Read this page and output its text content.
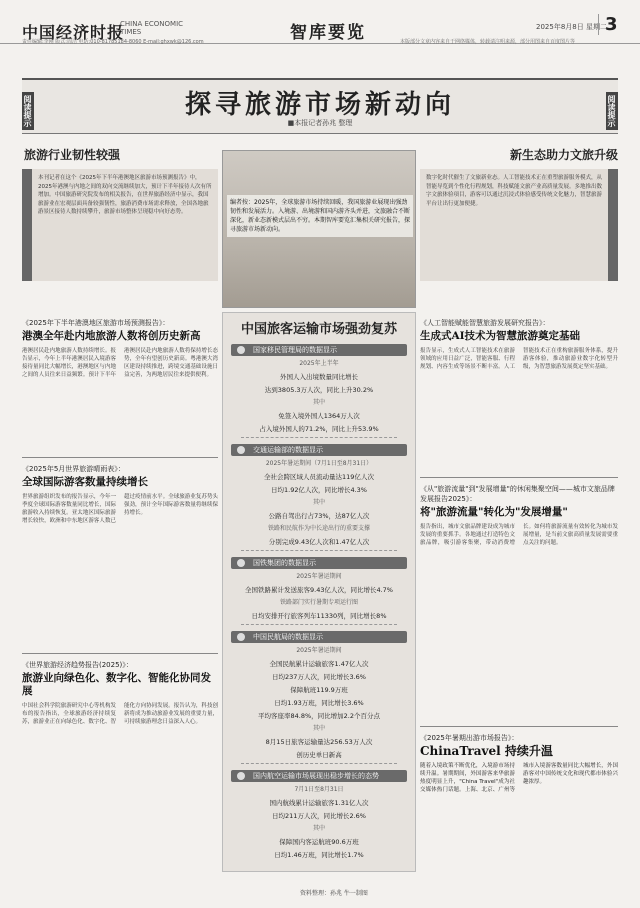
中国经济时报
CHINA ECONOMIC TIMES	智库要览	2025年8月8日 星期二
3
责任编辑:李刚 版式:周洁 电话:010-81785184-8060 E-mail:ghxwk@126.com	本版部分文章内容来自于网络媒体，转载请注明来源，部分用图来自百度图片等
阅读提示	阅读提示
探寻旅游市场新动向
■本报记者孙兆 整理
旅游行业韧性较强
本刊记者在这个《2025年下半年港澳地区旅游市场预测报告》中，2025年港澳与内地之间的双向交流继续加大，预计下半年接待人次有所增加。中国旅游研究院发布的相关报告，在世界旅游经济中显示，我国旅游业在宏观层面具备较强韧性，旅游消费市场需求释放，全国各地旅游景区接待人数持续攀升，旅游市场整体呈现稳中向好态势。
编者按：2025年，全球旅游市场持续回暖，我国旅游业展现出强劲韧性和发展活力。入境游、出境游和国内游齐头并进，文旅融合不断深化，新业态新模式层出不穷。本期智库要览汇集相关研究报告，探寻旅游市场新动向。
新生态助力文旅升级
数字化时代催生了文旅新业态。人工智能技术正在重塑旅游服务模式，从智能导览到个性化行程规划，科技赋能文旅产业高质量发展。多地推出数字文旅体验项目，游客可以通过沉浸式体验感受传统文化魅力，智慧旅游平台让出行更加便捷。
《2025年下半年港澳地区旅游市场预测报告》：
港澳全年赴内地旅游人数将创历史新高
港澳居民赴内地旅游人数持续增长。报告显示，今年上半年港澳居民入境游客接待量同比大幅增长，港澳地区与内地之间的人员往来日益频繁。预计下半年港澳居民赴内地旅游人数将保持增长态势，全年有望创历史新高。粤港澳大湾区建设持续推进，跨境交通基础设施日益完善，为两地居民往来提供便利。
《2025年5月世界旅游晴雨表》：
全球国际游客数量持续增长
世界旅游组织发布的报告显示，今年一季度全球国际游客数量同比增长，国际旅游收入持续恢复。亚太地区国际旅游增长较快，欧洲和中东地区游客人数已超过疫情前水平。全球旅游业复苏势头强劲，预计全年国际游客数量将继续保持增长。
《世界旅游经济趋势报告(2025)》：
旅游业向绿色化、数字化、智能化协同发展
中国社会科学院旅游研究中心等机构发布的报告指出，全球旅游经济持续复苏，旅游业正在向绿色化、数字化、智能化方向协同发展。报告认为，科技创新将成为推动旅游业发展的重要力量，可持续旅游理念日益深入人心。
中国旅客运输市场强劲复苏
国家移民管理局的数据显示
2025年上半年
外国人入出境数量同比增长
达到3805.3万人次，同比上升30.2%
其中
免签入境外国人1364万人次
占入境外国人的71.2%，同比上升53.9%
交通运输部的数据显示
2025年暑运期间（7月1日至8月31日）
全社会跨区域人员流动量达119亿人次
日均1.92亿人次，同比增长4.3%
其中
公路自驾出行占73%，达87亿人次
铁路和民航作为中长途出行的重要支撑
分别完成9.43亿人次和1.47亿人次
国铁集团的数据显示
2025年暑运期间
全国铁路累计发送旅客9.43亿人次，同比增长4.7%
铁路部门实行暑期专项运行图
日均安排开行旅客列车11330列，同比增长8%
中国民航局的数据显示
2025年暑运期间
全国民航累计运输旅客1.47亿人次
日均237万人次，同比增长3.6%
保障航班119.9万班
日均1.93万班，同比增长3.6%
平均客座率84.8%，同比增加2.2个百分点
其中
8月15日旅客运输量达256.53万人次
创历史单日新高
国内航空运输市场展现出稳步增长的态势
7月1日至8月31日
国内航线累计运输旅客1.31亿人次
日均211万人次，同比增长2.6%
其中
保障国内客运航班90.6万班
日均1.46万班，同比增长1.7%
《人工智能赋能智慧旅游发展研究报告》：
生成式AI技术为智慧旅游奠定基础
报告显示，生成式人工智能技术在旅游领域的应用日益广泛，智能客服、行程规划、内容生成等场景不断丰富。人工智能技术正在重构旅游服务体系，提升游客体验，推动旅游业数字化转型升级，为智慧旅游发展奠定坚实基础。
《从"旅游流量"到"发展增量"的休闲集聚空间——城市文旅品牌发展报告2025》：
将"旅游流量"转化为"发展增量"
报告指出，城市文旅品牌建设成为城市发展的重要抓手。各地通过打造特色文旅品牌，吸引游客集聚，带动消费增长。如何将旅游流量有效转化为城市发展增量，是当前文旅高质量发展需要重点关注的问题。
《2025年暑期出游市场报告》：
ChinaTravel 持续升温
随着入境政策不断优化，入境游市场持续升温。暑期期间，外国游客来华旅游热度明显上升，"China Travel"成为社交媒体热门话题。上海、北京、广州等城市入境游客数量同比大幅增长，外国游客对中国传统文化和现代都市体验兴趣浓厚。
资料整理：孙兆 牛一制图
